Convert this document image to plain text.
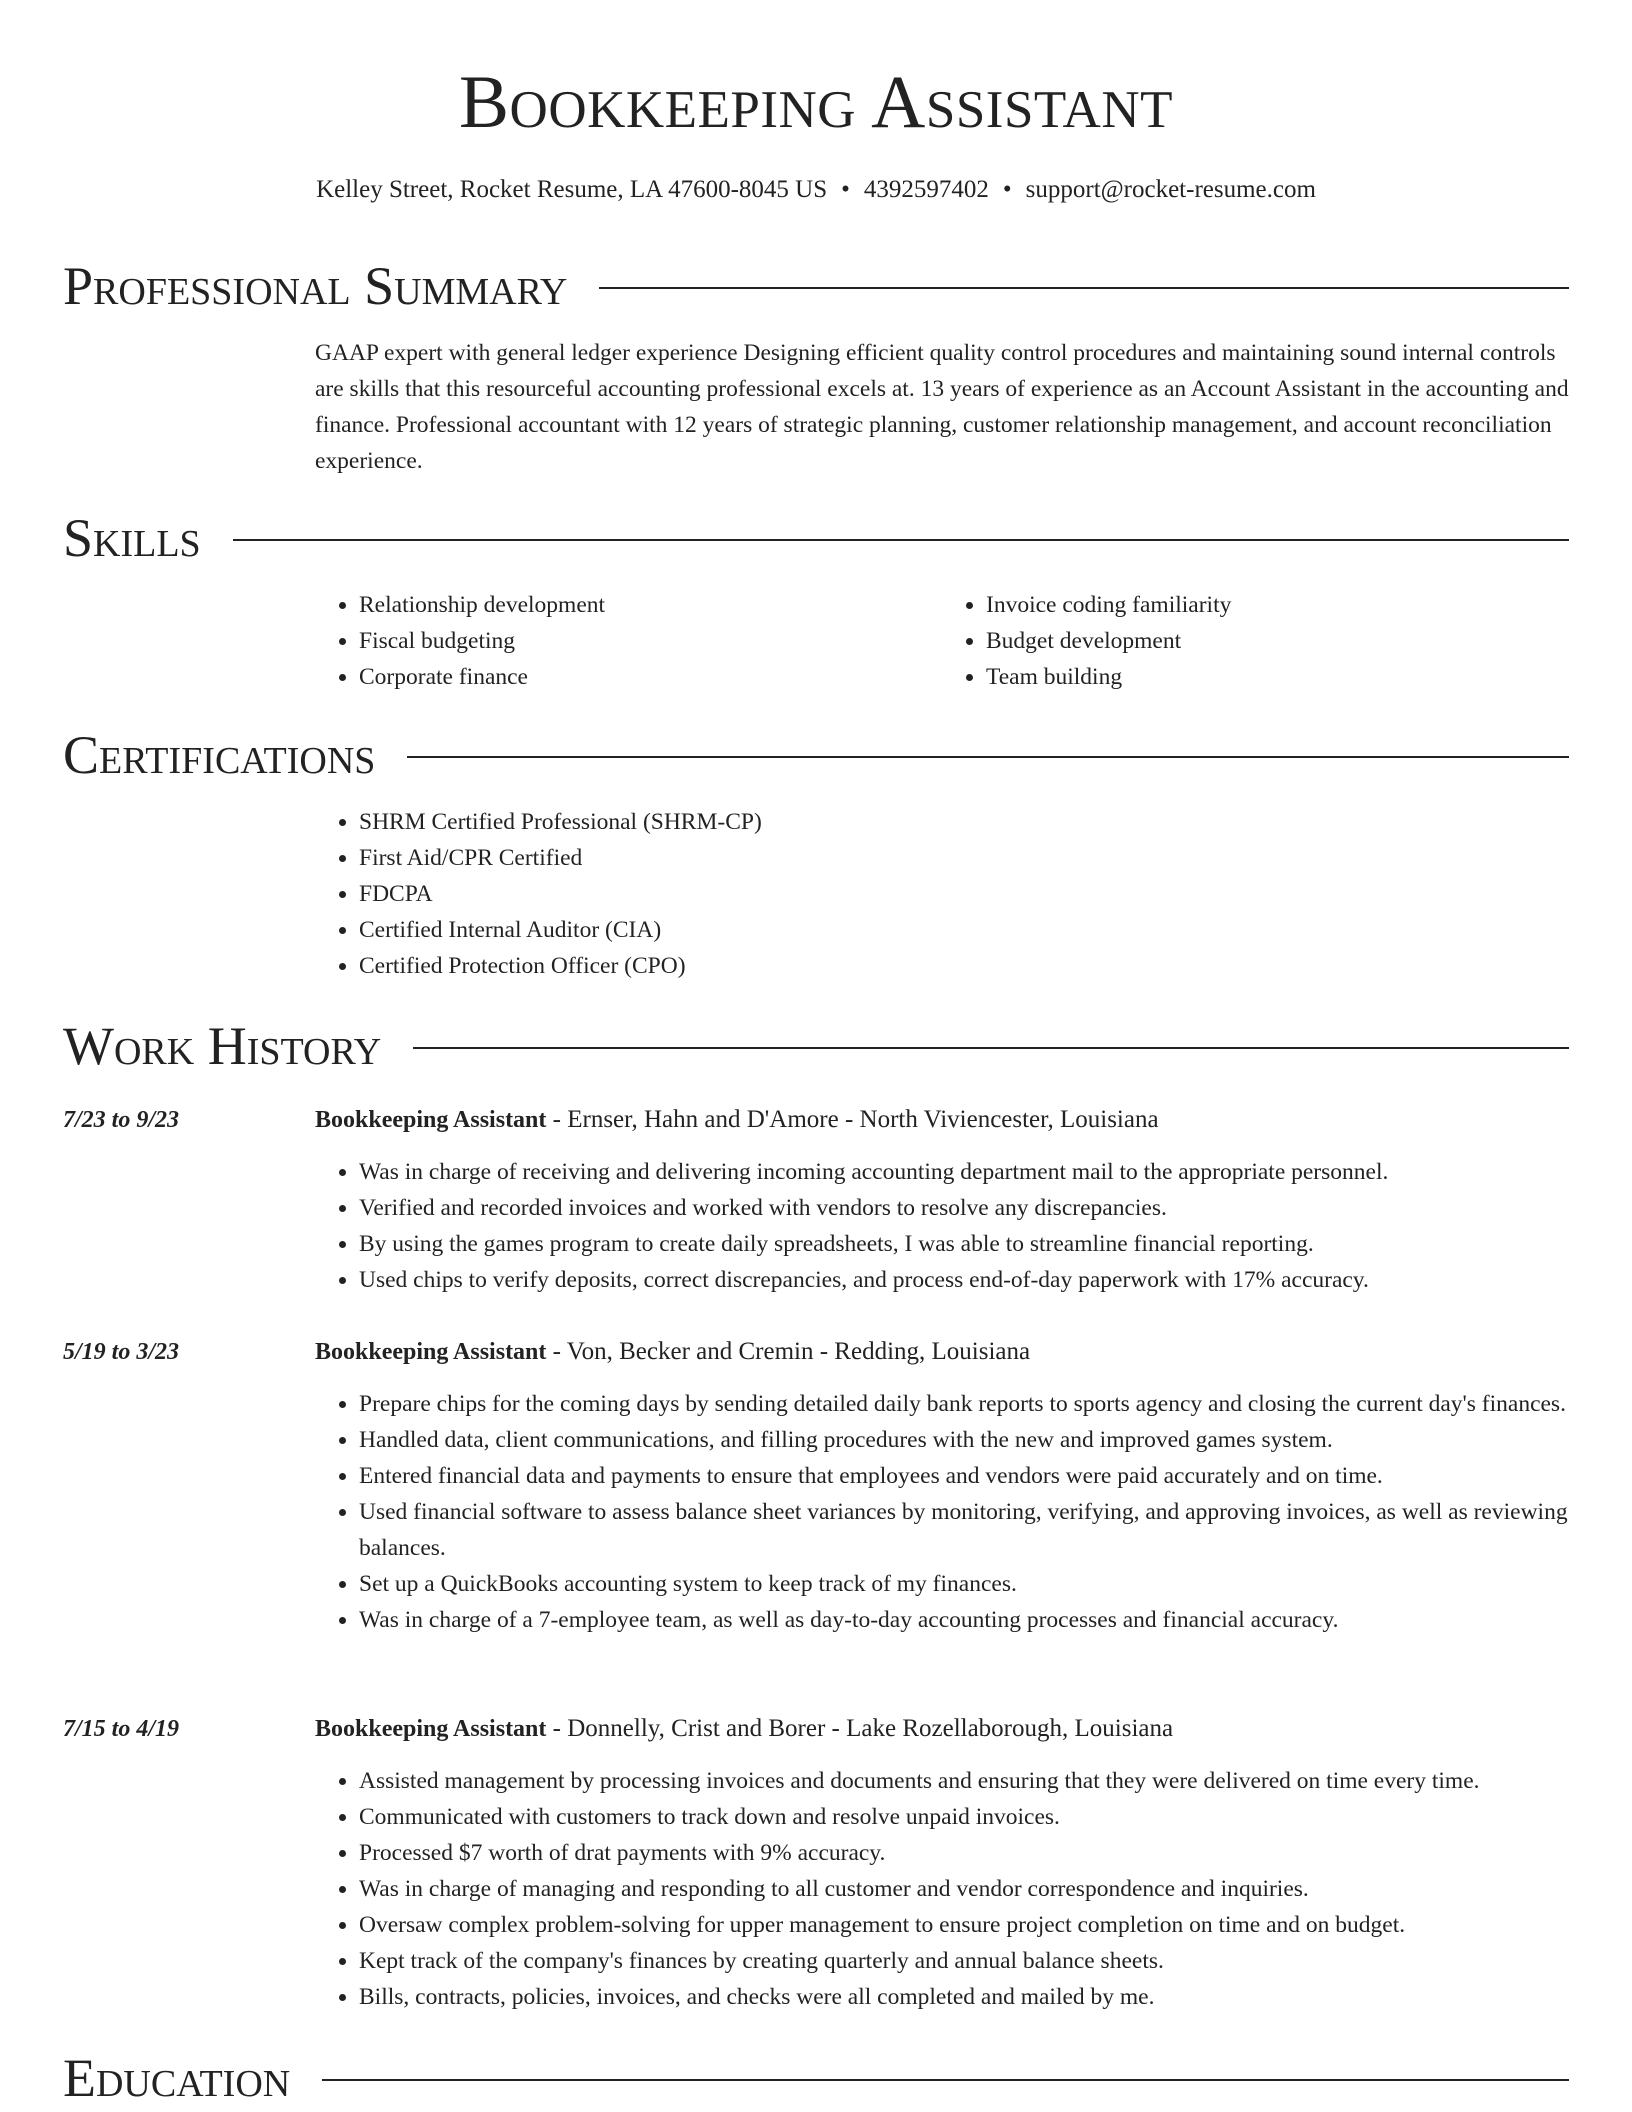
Bookkeeping Assistant
Kelley Street, Rocket Resume, LA 47600-8045 US • 4392597402 • support@rocket-resume.com
Professional Summary

GAAP expert with general ledger experience Designing efficient quality control procedures and maintaining sound internal controls are skills that this resourceful accounting professional excels at. 13 years of experience as an Account Assistant in the accounting and finance. Professional accountant with 12 years of strategic planning, customer relationship management, and account reconciliation experience.

Skills
• Relationship development
• Fiscal budgeting
• Corporate finance
• Invoice coding familiarity
• Budget development
• Team building
Certifications
• SHRM Certified Professional (SHRM-CP)
• First Aid/CPR Certified
• FDCPA
• Certified Internal Auditor (CIA)
• Certified Protection Officer (CPO)
Work History
7/23 to 9/23	Bookkeeping Assistant - Ernser, Hahn and D'Amore - North Viviencester, Louisiana

• Was in charge of receiving and delivering incoming accounting department mail to the appropriate personnel.
• Verified and recorded invoices and worked with vendors to resolve any discrepancies.
• By using the games program to create daily spreadsheets, I was able to streamline financial reporting.
• Used chips to verify deposits, correct discrepancies, and process end-of-day paperwork with 17% accuracy.
5/19 to 3/23	Bookkeeping Assistant - Von, Becker and Cremin - Redding, Louisiana

• Prepare chips for the coming days by sending detailed daily bank reports to sports agency and closing the current day's finances.
• Handled data, client communications, and filling procedures with the new and improved games system.
• Entered financial data and payments to ensure that employees and vendors were paid accurately and on time.
• Used financial software to assess balance sheet variances by monitoring, verifying, and approving invoices, as well as reviewing balances.
• Set up a QuickBooks accounting system to keep track of my finances.
• Was in charge of a 7-employee team, as well as day-to-day accounting processes and financial accuracy.
7/15 to 4/19	Bookkeeping Assistant - Donnelly, Crist and Borer - Lake Rozellaborough, Louisiana

• Assisted management by processing invoices and documents and ensuring that they were delivered on time every time.
• Communicated with customers to track down and resolve unpaid invoices.
• Processed $7 worth of drat payments with 9% accuracy.
• Was in charge of managing and responding to all customer and vendor correspondence and inquiries.
• Oversaw complex problem-solving for upper management to ensure project completion on time and on budget.
• Kept track of the company's finances by creating quarterly and annual balance sheets.
• Bills, contracts, policies, invoices, and checks were all completed and mailed by me.
Education
